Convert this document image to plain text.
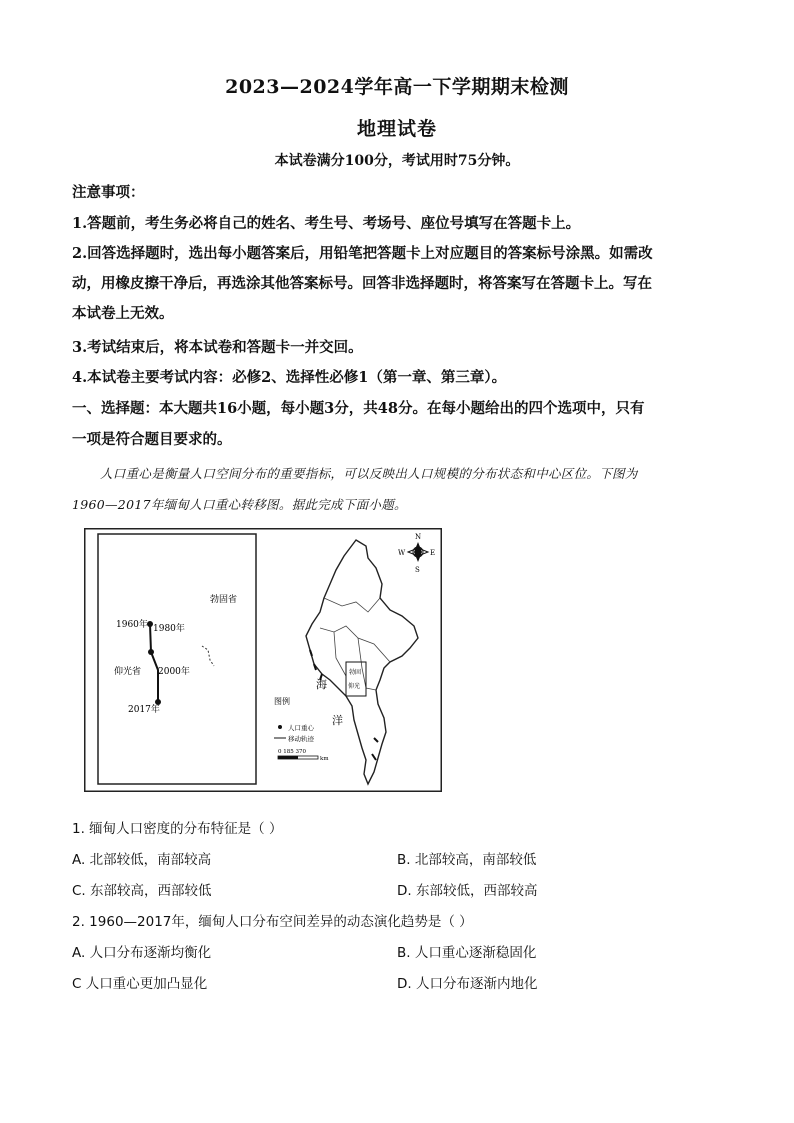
2023—2024学年高一下学期期末检测
地理试卷
本试卷满分100分，考试用时75分钟。
注意事项：
1.答题前，考生务必将自己的姓名、考生号、考场号、座位号填写在答题卡上。
2.回答选择题时，选出每小题答案后，用铅笔把答题卡上对应题目的答案标号涂黑。如需改
动，用橡皮擦干净后，再选涂其他答案标号。回答非选择题时，将答案写在答题卡上。写在
本试卷上无效。
3.考试结束后，将本试卷和答题卡一并交回。
4.本试卷主要考试内容：必修2、选择性必修1（第一章、第三章）。
一、选择题：本大题共16小题，每小题3分，共48分。在每小题给出的四个选项中，只有
一项是符合题目要求的。
人口重心是衡量人口空间分布的重要指标，可以反映出人口规模的分布状态和中心区位。下图为
1960—2017年缅甸人口重心转移图。据此完成下面小题。
勃固省
1960年 1980年
2000年
仰光省
2017年
勃固
仰光
海
洋
N
S
E
W
图例
人口重心
移动轨迹
0 185 370
km
1. 缅甸人口密度的分布特征是（ ）
A. 北部较低，南部较高	B. 北部较高，南部较低
C. 东部较高，西部较低	D. 东部较低，西部较高
2. 1960—2017年，缅甸人口分布空间差异的动态演化趋势是（ ）
A. 人口分布逐渐均衡化	B. 人口重心逐渐稳固化
C 人口重心更加凸显化	D. 人口分布逐渐内地化
